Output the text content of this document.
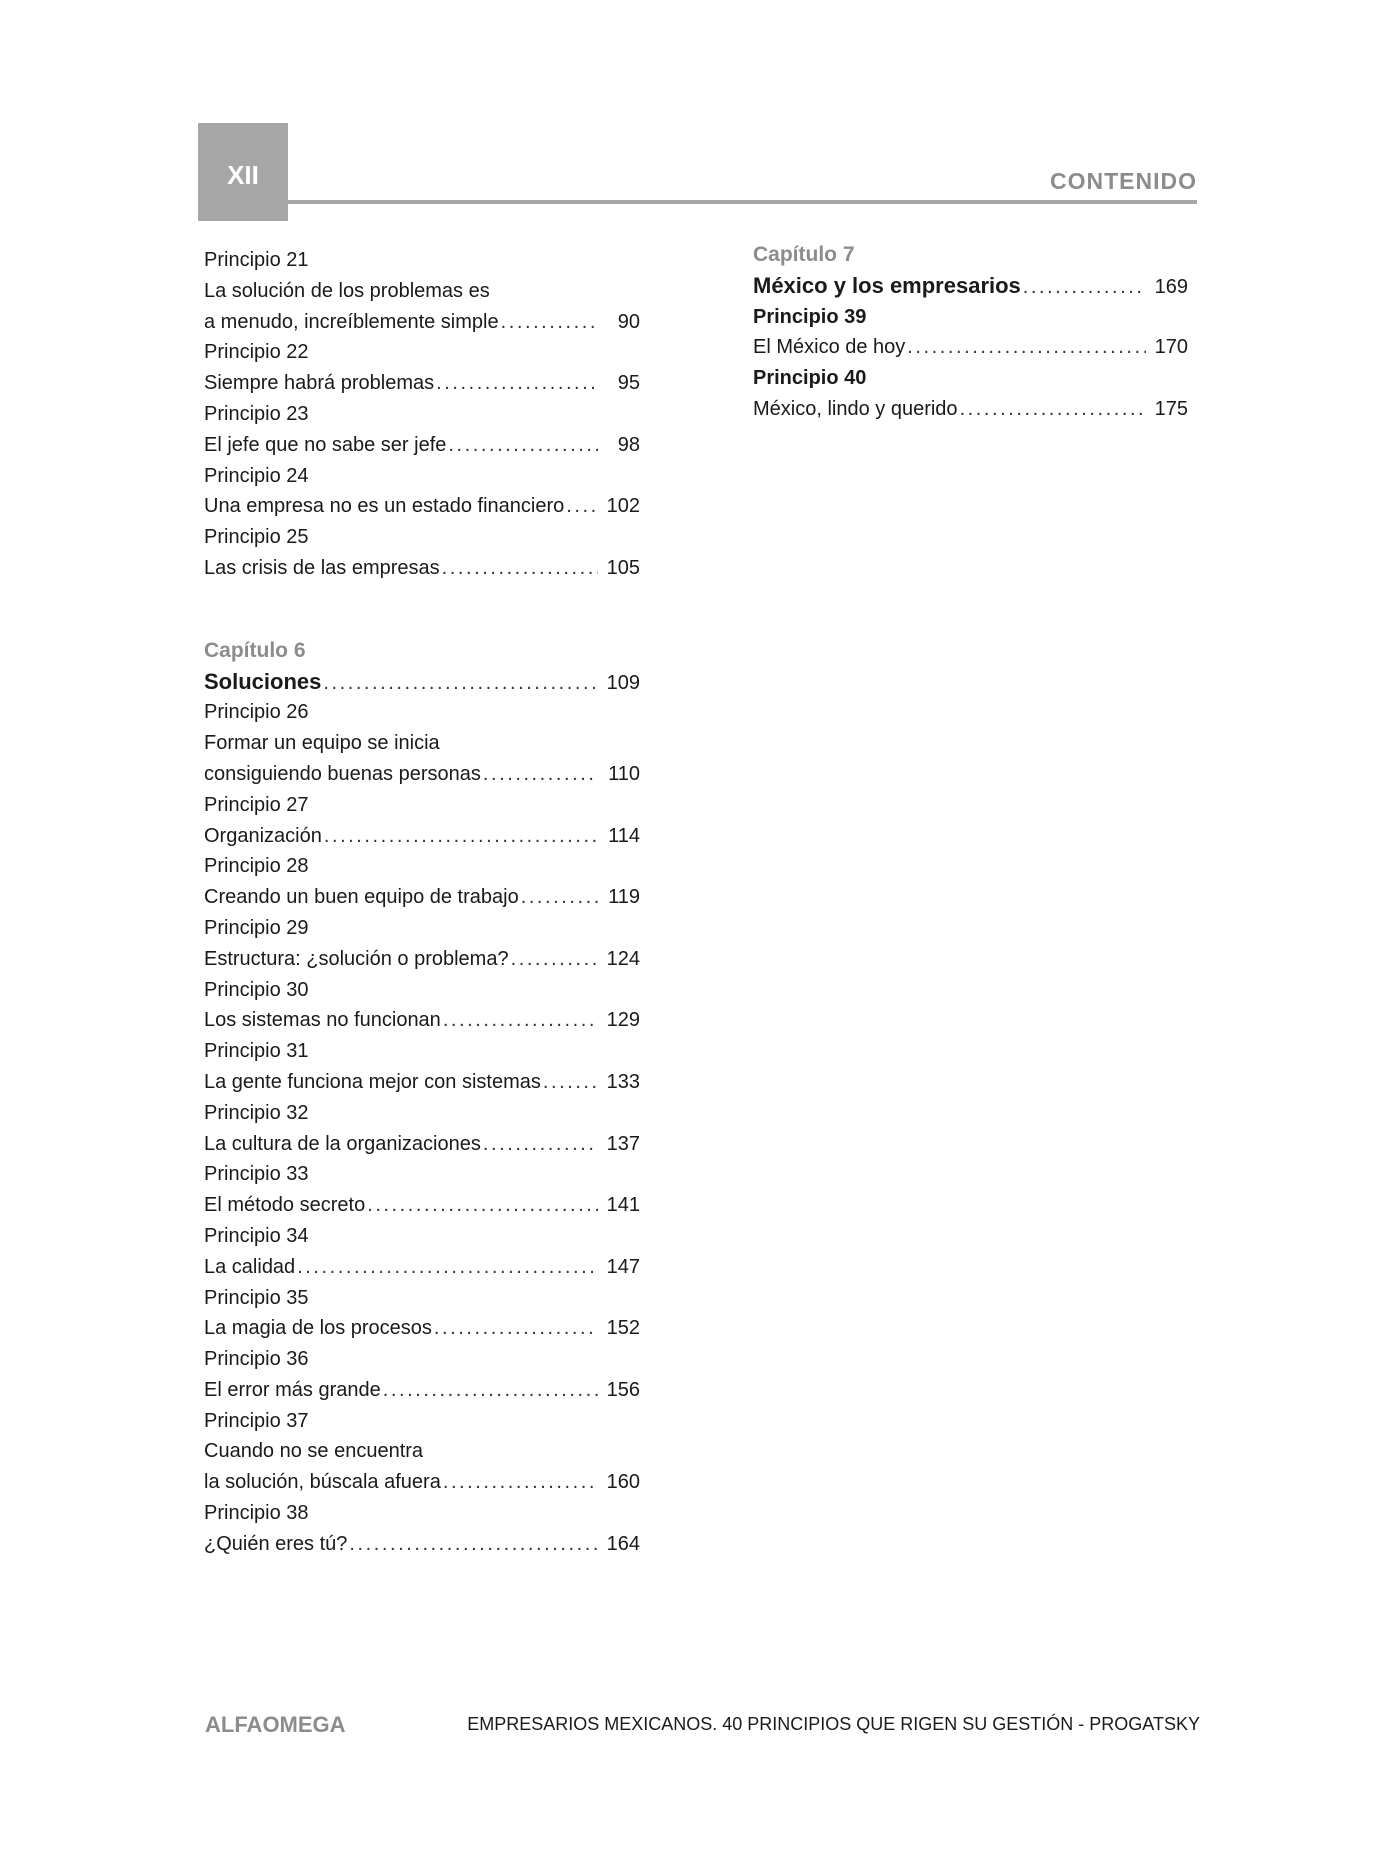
XII	CONTENIDO
Principio 21
La solución de los problemas es
a menudo, increíblemente simple . . .	90
Principio 22
Siempre habrá problemas . . .	95
Principio 23
El jefe que no sabe ser jefe . . .	98
Principio 24
Una empresa no es un estado financiero . . .	102
Principio 25
Las crisis de las empresas . . .	105
Capítulo 6
Soluciones . . .	109
Principio 26
Formar un equipo se inicia
consiguiendo buenas personas . . .	110
Principio 27
Organización . . .	114
Principio 28
Creando un buen equipo de trabajo . . .	119
Principio 29
Estructura: ¿solución o problema? . . .	124
Principio 30
Los sistemas no funcionan . . .	129
Principio 31
La gente funciona mejor con sistemas . . .	133
Principio 32
La cultura de la organizaciones . . .	137
Principio 33
El método secreto . . .	141
Principio 34
La calidad . . .	147
Principio 35
La magia de los procesos . . .	152
Principio 36
El error más grande . . .	156
Principio 37
Cuando no se encuentra
la solución, búscala afuera . . .	160
Principio 38
¿Quién eres tú? . . .	164
Capítulo 7
México y los empresarios . . .	169
Principio 39
El México de hoy . . .	170
Principio 40
México, lindo y querido . . .	175
ALFAOMEGA	EMPRESARIOS MEXICANOS. 40 PRINCIPIOS QUE RIGEN SU GESTIÓN - PROGATSKY
